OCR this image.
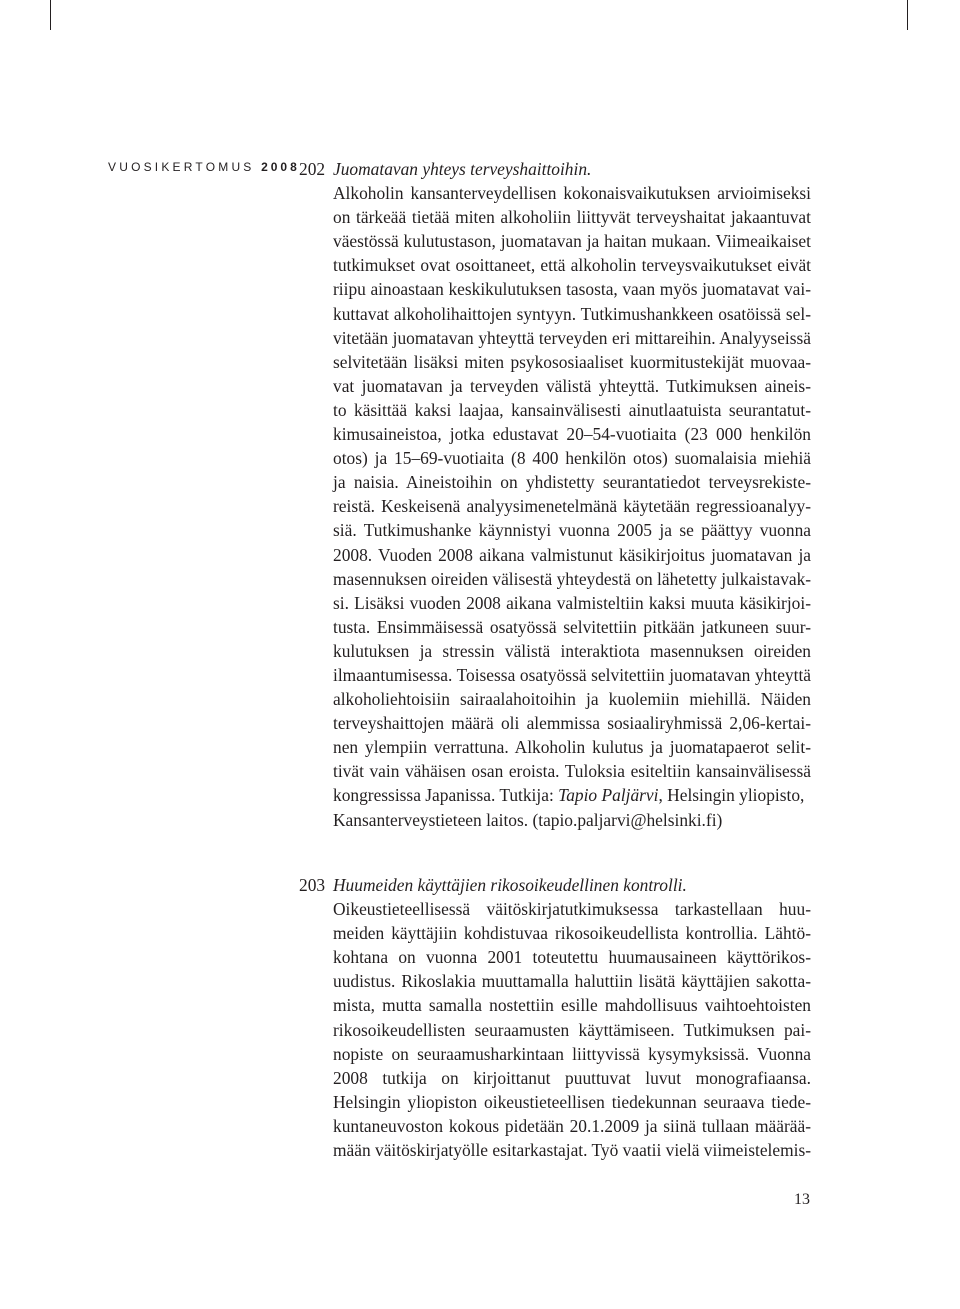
VUOSIKERTOMUS 2008 202 Juomatavan yhteys terveyshaittoihin.
Alkoholin kansanterveydellisen kokonaisvaikutuksen arvioimiseksi
on tärkeää tietää miten alkoholiin liittyvät terveyshaitat jakaantuvat
väestössä kulutustason, juomatavan ja haitan mukaan. Viimeaikaiset
tutkimukset ovat osoittaneet, että alkoholin terveysvaikutukset eivät
riipu ainoastaan keskikulutuksen tasosta, vaan myös juomatavat vai-
kuttavat alkoholihaittojen syntyyn. Tutkimushankkeen osatöissä sel-
vitetään juomatavan yhteyttä terveyden eri mittareihin. Analyyseissä
selvitetään lisäksi miten psykososiaaliset kuormitustekijät muovaa-
vat juomatavan ja terveyden välistä yhteyttä. Tutkimuksen aineis-
to käsittää kaksi laajaa, kansainvälisesti ainutlaatuista seurantatut-
kimusaineistoa, jotka edustavat 20–54-vuotiaita (23 000 henkilön
otos) ja 15–69-vuotiaita (8 400 henkilön otos) suomalaisia miehiä
ja naisia. Aineistoihin on yhdistetty seurantatiedot terveysrekiste-
reistä. Keskeisenä analyysimenetelmänä käytetään regressioanalyy-
siä. Tutkimushanke käynnistyi vuonna 2005 ja se päättyy vuonna
2008. Vuoden 2008 aikana valmistunut käsikirjoitus juomatavan ja
masennuksen oireiden välisestä yhteydestä on lähetetty julkaistavak-
si. Lisäksi vuoden 2008 aikana valmisteltiin kaksi muuta käsikirjoi-
tusta. Ensimmäisessä osatyössä selvitettiin pitkään jatkuneen suur-
kulutuksen ja stressin välistä interaktiota masennuksen oireiden
ilmaantumisessa. Toisessa osatyössä selvitettiin juomatavan yhteyttä
alkoholiehtoisiin sairaalahoitoihin ja kuolemiin miehillä. Näiden
terveyshaittojen määrä oli alemmissa sosiaaliryhmissä 2,06-kertai-
nen ylempiin verrattuna. Alkoholin kulutus ja juomatapaerot selit-
tivät vain vähäisen osan eroista. Tuloksia esiteltiin kansainvälisessä
kongressissa Japanissa. Tutkija: Tapio Paljärvi, Helsingin yliopisto,
Kansanterveystieteen laitos. (tapio.paljarvi@helsinki.fi)
203 Huumeiden käyttäjien rikosoikeudellinen kontrolli.
Oikeustieteellisessä väitöskirjatutkimuksessa tarkastellaan huu-
meiden käyttäjiin kohdistuvaa rikosoikeudellista kontrollia. Lähtö-
kohtana on vuonna 2001 toteutettu huumausaineen käyttörikos-
uudistus. Rikoslakia muuttamalla haluttiin lisätä käyttäjien sakotta-
mista, mutta samalla nostettiin esille mahdollisuus vaihtoehtoisten
rikosoikeudellisten seuraamusten käyttämiseen. Tutkimuksen pai-
nopiste on seuraamusharkintaan liittyvissä kysymyksissä. Vuonna
2008 tutkija on kirjoittanut puuttuvat luvut monografiaansa.
Helsingin yliopiston oikeustieteellisen tiedekunnan seuraava tiede-
kuntaneuvoston kokous pidetään 20.1.2009 ja siinä tullaan määrää-
mään väitöskirjatyölle esitarkastajat. Työ vaatii vielä viimeistelemis-
13
